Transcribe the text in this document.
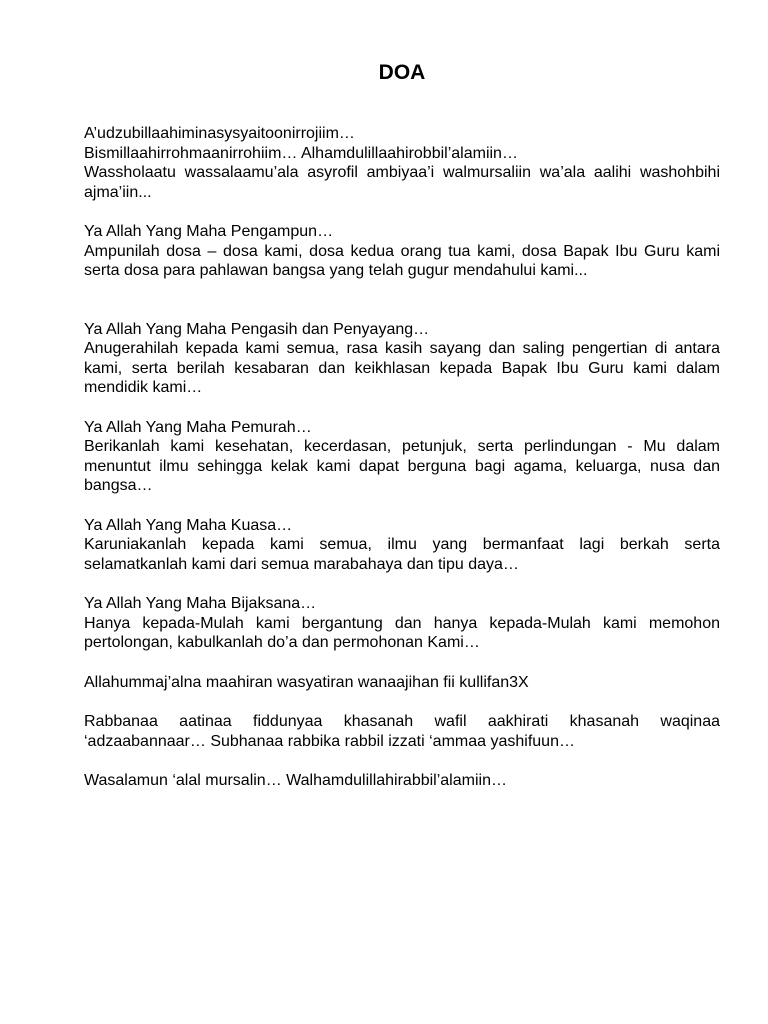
DOA

A’udzubillaahiminasysyaitoonirrojiim…

Bismillaahirrohmaanirrohiim… Alhamdulillaahirobbil’alamiin…

Wassholaatu wassalaamu’ala asyrofil ambiyaa’i walmursaliin wa’ala aalihi washohbihi ajma’iin...

Ya Allah Yang Maha Pengampun…

Ampunilah dosa – dosa kami, dosa kedua orang tua kami, dosa Bapak Ibu Guru kami serta dosa para pahlawan bangsa yang telah gugur mendahului kami...

Ya Allah Yang Maha Pengasih dan Penyayang…

Anugerahilah kepada kami semua, rasa kasih sayang dan saling pengertian di antara kami, serta berilah kesabaran dan keikhlasan kepada Bapak Ibu Guru kami dalam mendidik kami…

Ya Allah Yang Maha Pemurah…

Berikanlah kami kesehatan, kecerdasan, petunjuk, serta perlindungan - Mu dalam menuntut ilmu sehingga kelak kami dapat berguna bagi agama, keluarga, nusa dan bangsa…

Ya Allah Yang Maha Kuasa…

Karuniakanlah kepada kami semua, ilmu yang bermanfaat lagi berkah serta selamatkanlah kami dari semua marabahaya dan tipu daya…

Ya Allah Yang Maha Bijaksana…

Hanya kepada-Mulah kami bergantung dan hanya kepada-Mulah kami memohon pertolongan, kabulkanlah do’a dan permohonan Kami…

Allahummaj’alna maahiran wasyatiran wanaajihan fii kullifan3X

Rabbanaa aatinaa fiddunyaa khasanah wafil aakhirati khasanah waqinaa ‘adzaabannaar… Subhanaa rabbika rabbil izzati ‘ammaa yashifuun…

Wasalamun ‘alal mursalin… Walhamdulillahirabbil’alamiin…
